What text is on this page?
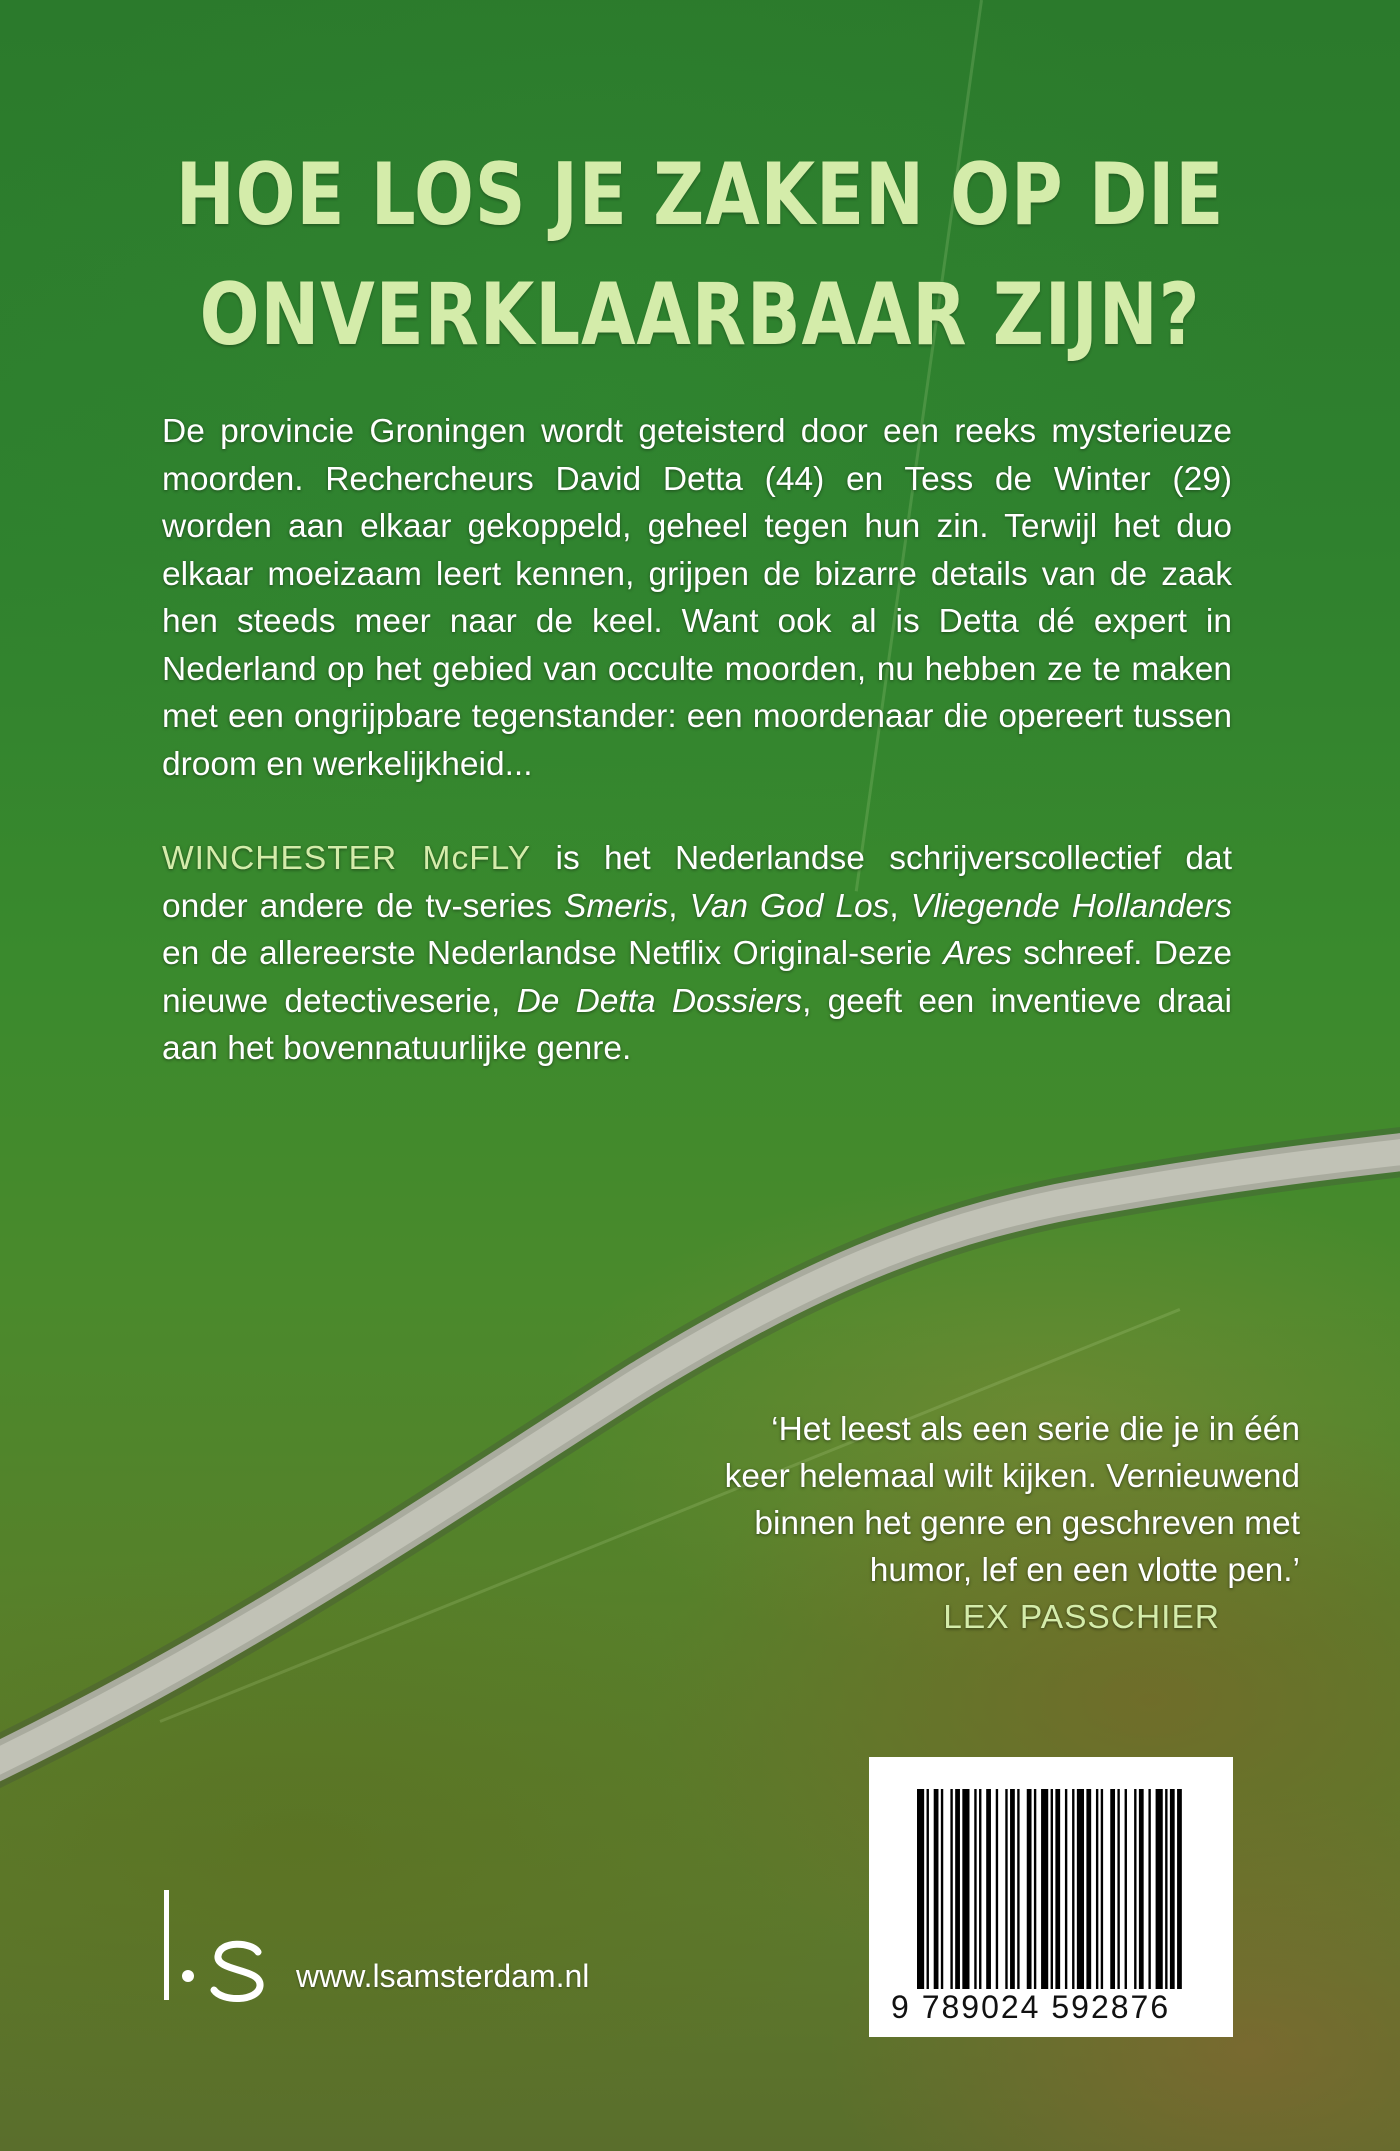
HOE LOS JE ZAKEN OP DIE
ONVERKLAARBAAR ZIJN?

De provincie Groningen wordt geteisterd door een reeks mysterieuze moorden. Rechercheurs David Detta (44) en Tess de Winter (29) worden aan elkaar gekoppeld, geheel tegen hun zin. Terwijl het duo elkaar moeizaam leert kennen, grijpen de bizarre details van de zaak hen steeds meer naar de keel. Want ook al is Detta dé expert in Nederland op het gebied van occulte moorden, nu hebben ze te maken met een ongrijpbare tegenstander: een moordenaar die opereert tussen droom en werkelijkheid...

WINCHESTER McFLY is het Nederlandse schrijverscollectief dat onder andere de tv-series Smeris, Van God Los, Vliegende Hollanders en de allereerste Nederlandse Netflix Original-serie Ares schreef. Deze nieuwe detectiveserie, De Detta Dossiers, geeft een inventieve draai aan het bovennatuurlijke genre.

‘Het leest als een serie die je in één keer helemaal wilt kijken. Vernieuwend binnen het genre en geschreven met humor, lef en een vlotte pen.’
LEX PASSCHIER
9 789024 592876
l.s
www.lsamsterdam.nl
